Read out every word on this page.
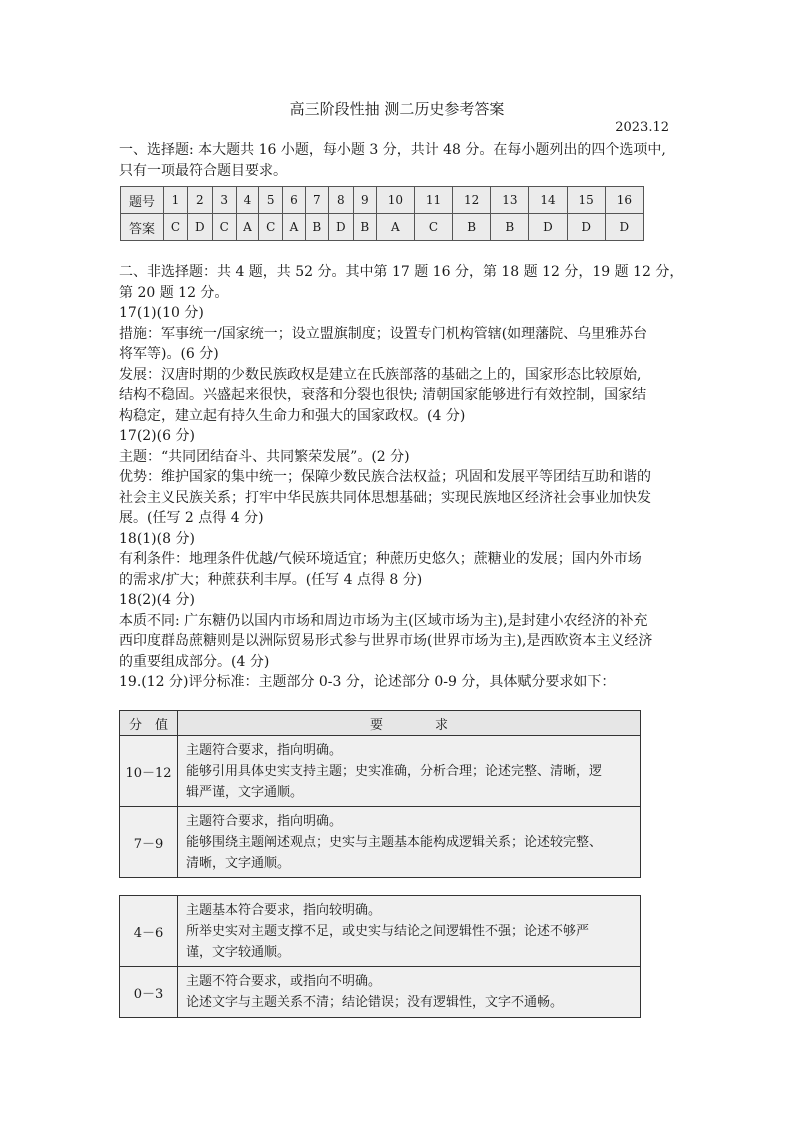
高三阶段性抽 测二历史参考答案
2023.12
一、选择题: 本大题共 16 小题，每小题 3 分，共计 48 分。在每小题列出的四个选项中,
只有一项最符合题目要求。
题号	1	2	3	4	5	6	7	8	9	10	11	12	13	14	15	16
答案	C	D	C	A	C	A	B	D	B	A	C	B	B	D	D	D
二、非选择题：共 4 题，共 52 分。其中第 17 题 16 分，第 18 题 12 分，19 题 12 分，
第 20 题 12 分。
17(1)(10 分)
措施：军事统一/国家统一；设立盟旗制度；设置专门机构管辖(如理藩院、乌里雅苏台
将军等)。(6 分)
发展：汉唐时期的少数民族政权是建立在氏族部落的基础之上的，国家形态比较原始,
结构不稳固。兴盛起来很快，衰落和分裂也很快; 清朝国家能够进行有效控制，国家结
构稳定，建立起有持久生命力和强大的国家政权。(4 分)
17(2)(6 分)
主题：“共同团结奋斗、共同繁荣发展”。(2 分)
优势：维护国家的集中统一；保障少数民族合法权益；巩固和发展平等团结互助和谐的
社会主义民族关系；打牢中华民族共同体思想基础；实现民族地区经济社会事业加快发
展。(任写 2 点得 4 分)
18(1)(8 分)
有利条件：地理条件优越/气候环境适宜；种蔗历史悠久；蔗糖业的发展；国内外市场
的需求/扩大；种蔗获利丰厚。(任写 4 点得 8 分)
18(2)(4 分)
本质不同: 广东糖仍以国内市场和周边市场为主(区域市场为主),是封建小农经济的补充
西印度群岛蔗糖则是以洲际贸易形式参与世界市场(世界市场为主),是西欧资本主义经济
的重要组成部分。(4 分)
19.(12 分)评分标准：主题部分 0-3 分，论述部分 0-9 分，具体赋分要求如下：
分　值	要　　　　求
10－12	主题符合要求，指向明确。
能够引用具体史实支持主题；史实准确，分析合理；论述完整、清晰，逻
辑严谨，文字通顺。

7－9	主题符合要求，指向明确。
能够围绕主题阐述观点；史实与主题基本能构成逻辑关系；论述较完整、
清晰，文字通顺。
4－6	主题基本符合要求，指向较明确。
所举史实对主题支撑不足，或史实与结论之间逻辑性不强；论述不够严
谨，文字较通顺。

0－3	主题不符合要求，或指向不明确。
论述文字与主题关系不清；结论错误；没有逻辑性，文字不通畅。
